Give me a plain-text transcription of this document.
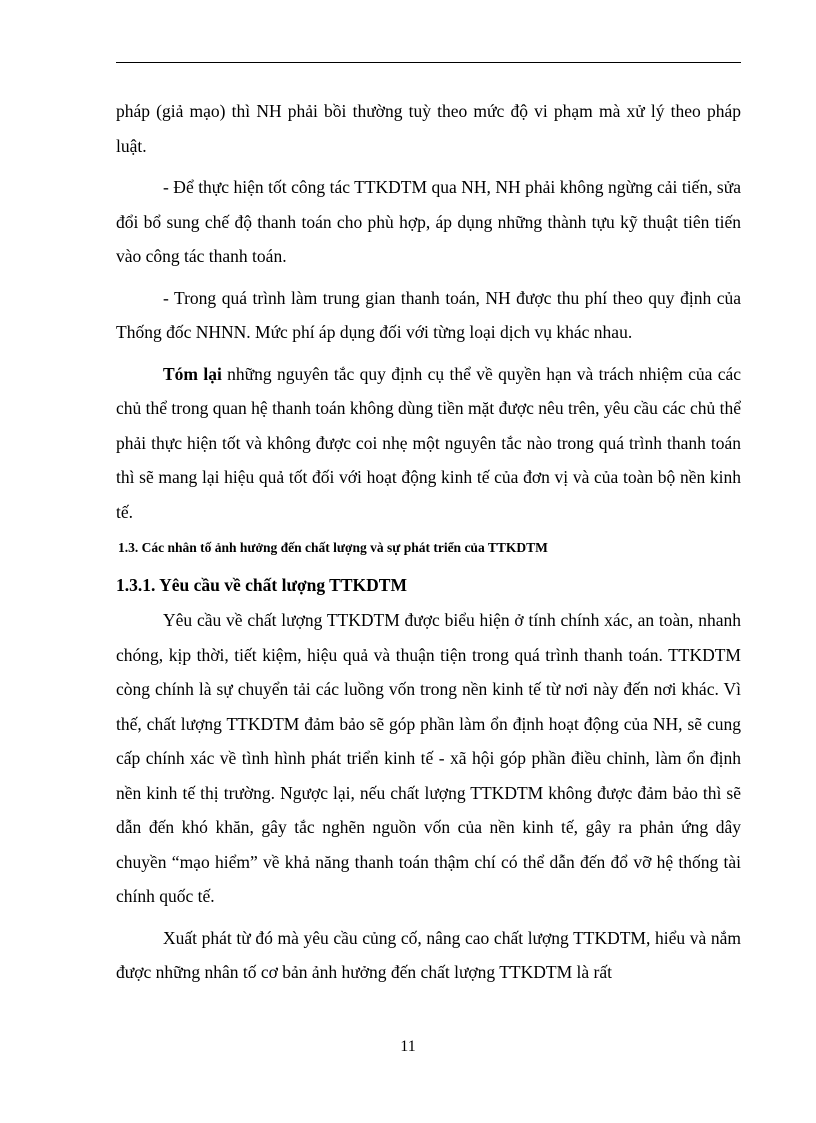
pháp (giả mạo) thì NH phải bồi thường tuỳ theo mức độ vi phạm mà xử lý theo pháp luật.

- Để thực hiện tốt công tác TTKDTM qua NH, NH phải không ngừng cải tiến, sửa đổi bổ sung chế độ thanh toán cho phù hợp, áp dụng những thành tựu kỹ thuật tiên tiến vào công tác thanh toán.

- Trong quá trình làm trung gian thanh toán, NH được thu phí theo quy định của Thống đốc NHNN. Mức phí áp dụng đối với từng loại dịch vụ khác nhau.

Tóm lại những nguyên tắc quy định cụ thể về quyền hạn và trách nhiệm của các chủ thể trong quan hệ thanh toán không dùng tiền mặt được nêu trên, yêu cầu các chủ thể phải thực hiện tốt và không được coi nhẹ một nguyên tắc nào trong quá trình thanh toán thì sẽ mang lại hiệu quả tốt đối với hoạt động kinh tế của đơn vị và của toàn bộ nền kinh tế.

1.3. Các nhân tố ảnh hưởng đến chất lượng và sự phát triển của TTKDTM
1.3.1. Yêu cầu về chất lượng TTKDTM

Yêu cầu về chất lượng TTKDTM được biểu hiện ở tính chính xác, an toàn, nhanh chóng, kịp thời, tiết kiệm, hiệu quả và thuận tiện trong quá trình thanh toán. TTKDTM còng chính là sự chuyển tải các luồng vốn trong nền kinh tế từ nơi này đến nơi khác. Vì thế, chất lượng TTKDTM đảm bảo sẽ góp phần làm ổn định hoạt động của NH, sẽ cung cấp chính xác về tình hình phát triển kinh tế - xã hội góp phần điều chỉnh, làm ổn định nền kinh tế thị trường. Ngược lại, nếu chất lượng TTKDTM không được đảm bảo thì sẽ dẫn đến khó khăn, gây tắc nghẽn nguồn vốn của nền kinh tế, gây ra phản ứng dây chuyền “mạo hiểm” về khả năng thanh toán thậm chí có thể dẫn đến đổ vỡ hệ thống tài chính quốc tế.

Xuất phát từ đó mà yêu cầu củng cố, nâng cao chất lượng TTKDTM, hiểu và nắm được những nhân tố cơ bản ảnh hưởng đến chất lượng TTKDTM là rất

11
